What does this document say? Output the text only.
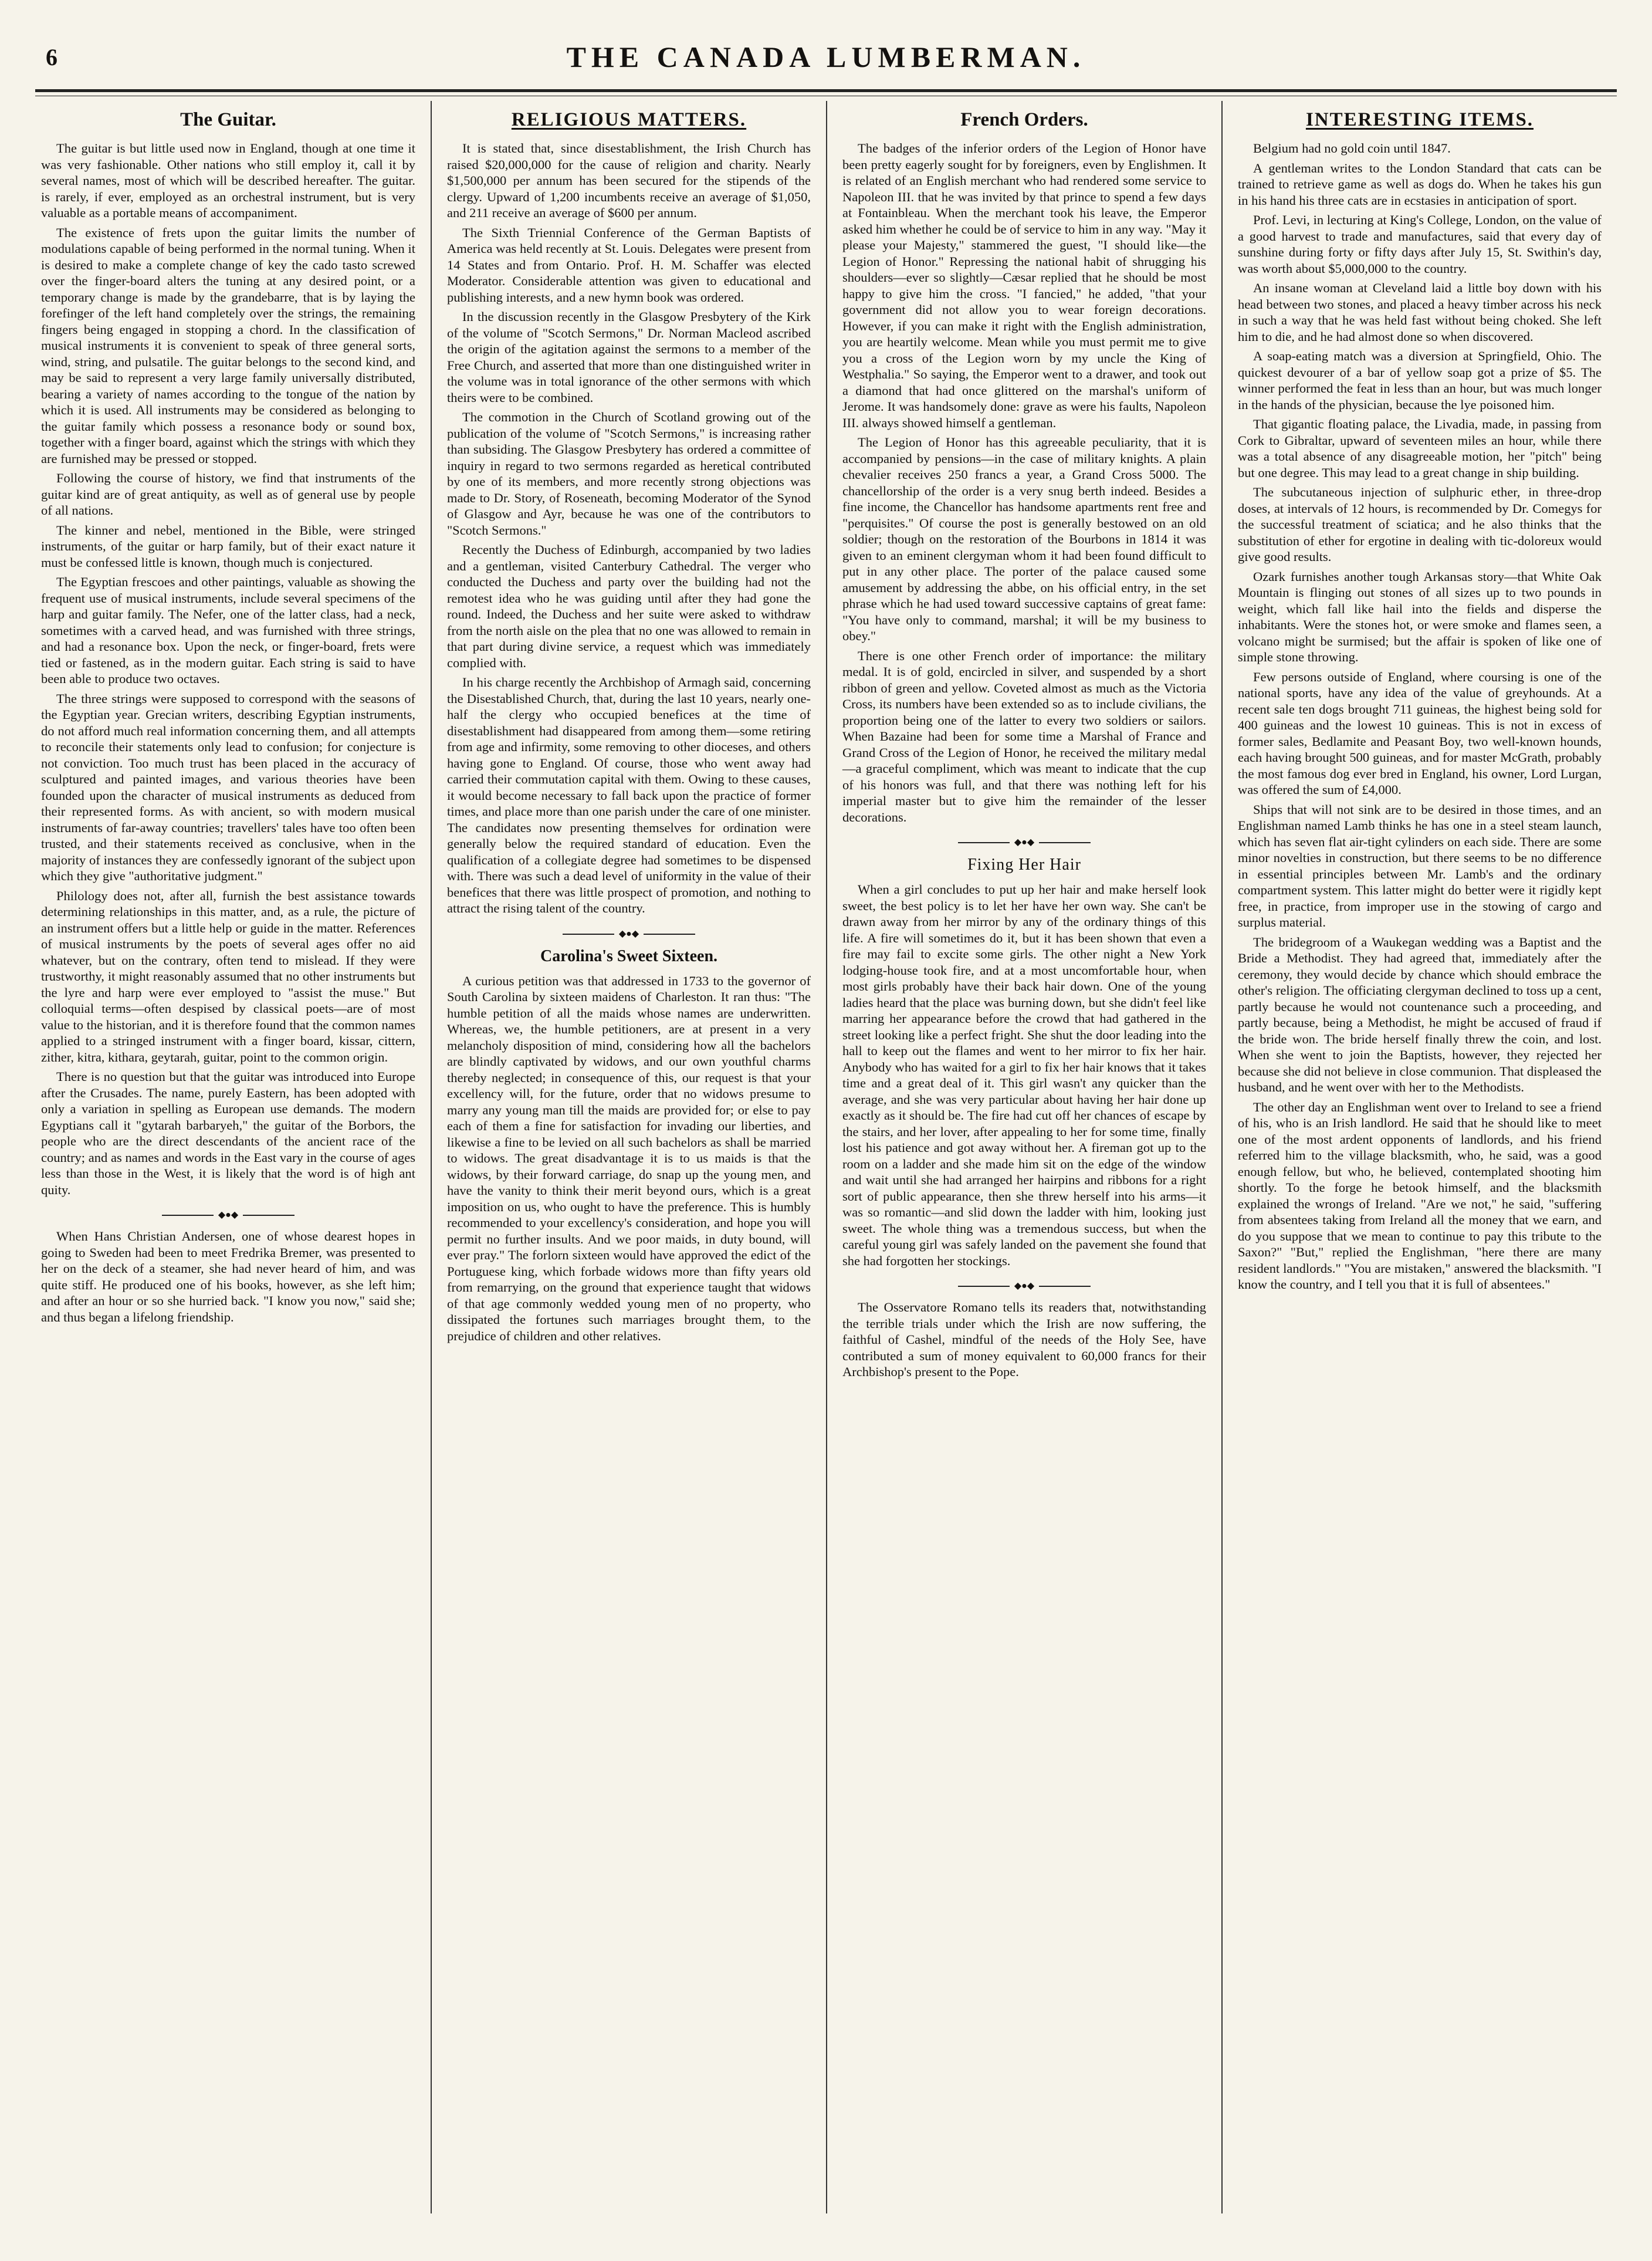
6	THE CANADA LUMBERMAN.
The Guitar.

The guitar is but little used now in England, though at one time it was very fashionable. Other nations who still employ it, call it by several names, most of which will be described hereafter. The guitar. is rarely, if ever, employed as an orchestral instrument, but is very valuable as a portable means of accompaniment.

The existence of frets upon the guitar limits the number of modulations capable of being performed in the normal tuning. When it is desired to make a complete change of key the cado tasto screwed over the finger-board alters the tuning at any desired point, or a temporary change is made by the grandebarre, that is by laying the forefinger of the left hand completely over the strings, the remaining fingers being engaged in stopping a chord. In the classification of musical instruments it is convenient to speak of three general sorts, wind, string, and pulsatile. The guitar belongs to the second kind, and may be said to represent a very large family universally distributed, bearing a variety of names according to the tongue of the nation by which it is used. All instruments may be considered as belonging to the guitar family which possess a resonance body or sound box, together with a finger board, against which the strings with which they are furnished may be pressed or stopped.

Following the course of history, we find that instruments of the guitar kind are of great antiquity, as well as of general use by people of all nations.

The kinner and nebel, mentioned in the Bible, were stringed instruments, of the guitar or harp family, but of their exact nature it must be confessed little is known, though much is conjectured.

The Egyptian frescoes and other paintings, valuable as showing the frequent use of musical instruments, include several specimens of the harp and guitar family. The Nefer, one of the latter class, had a neck, sometimes with a carved head, and was furnished with three strings, and had a resonance box. Upon the neck, or finger-board, frets were tied or fastened, as in the modern guitar. Each string is said to have been able to produce two octaves.

The three strings were supposed to correspond with the seasons of the Egyptian year. Grecian writers, describing Egyptian instruments, do not afford much real information concerning them, and all attempts to reconcile their statements only lead to confusion; for conjecture is not conviction. Too much trust has been placed in the accuracy of sculptured and painted images, and various theories have been founded upon the character of musical instruments as deduced from their represented forms. As with ancient, so with modern musical instruments of far-away countries; travellers' tales have too often been trusted, and their statements received as conclusive, when in the majority of instances they are confessedly ignorant of the subject upon which they give "authoritative judgment."

Philology does not, after all, furnish the best assistance towards determining relationships in this matter, and, as a rule, the picture of an instrument offers but a little help or guide in the matter. References of musical instruments by the poets of several ages offer no aid whatever, but on the contrary, often tend to mislead. If they were trustworthy, it might reasonably assumed that no other instruments but the lyre and harp were ever employed to "assist the muse." But colloquial terms—often despised by classical poets—are of most value to the historian, and it is therefore found that the common names applied to a stringed instrument with a finger board, kissar, cittern, zither, kitra, kithara, geytarah, guitar, point to the common origin.

There is no question but that the guitar was introduced into Europe after the Crusades. The name, purely Eastern, has been adopted with only a variation in spelling as European use demands. The modern Egyptians call it "gytarah barbaryeh," the guitar of the Borbors, the people who are the direct descendants of the ancient race of the country; and as names and words in the East vary in the course of ages less than those in the West, it is likely that the word is of high ant quity.

◆●◆

When Hans Christian Andersen, one of whose dearest hopes in going to Sweden had been to meet Fredrika Bremer, was presented to her on the deck of a steamer, she had never heard of him, and was quite stiff. He produced one of his books, however, as she left him; and after an hour or so she hurried back. "I know you now," said she; and thus began a lifelong friendship.

RELIGIOUS MATTERS.

It is stated that, since disestablishment, the Irish Church has raised $20,000,000 for the cause of religion and charity. Nearly $1,500,000 per annum has been secured for the stipends of the clergy. Upward of 1,200 incumbents receive an average of $1,050, and 211 receive an average of $600 per annum.

The Sixth Triennial Conference of the German Baptists of America was held recently at St. Louis. Delegates were present from 14 States and from Ontario. Prof. H. M. Schaffer was elected Moderator. Considerable attention was given to educational and publishing interests, and a new hymn book was ordered.

In the discussion recently in the Glasgow Presbytery of the Kirk of the volume of "Scotch Sermons," Dr. Norman Macleod ascribed the origin of the agitation against the sermons to a member of the Free Church, and asserted that more than one distinguished writer in the volume was in total ignorance of the other sermons with which theirs were to be combined.

The commotion in the Church of Scotland growing out of the publication of the volume of "Scotch Sermons," is increasing rather than subsiding. The Glasgow Presbytery has ordered a committee of inquiry in regard to two sermons regarded as heretical contributed by one of its members, and more recently strong objections was made to Dr. Story, of Roseneath, becoming Moderator of the Synod of Glasgow and Ayr, because he was one of the contributors to "Scotch Sermons."

Recently the Duchess of Edinburgh, accompanied by two ladies and a gentleman, visited Canterbury Cathedral. The verger who conducted the Duchess and party over the building had not the remotest idea who he was guiding until after they had gone the round. Indeed, the Duchess and her suite were asked to withdraw from the north aisle on the plea that no one was allowed to remain in that part during divine service, a request which was immediately complied with.

In his charge recently the Archbishop of Armagh said, concerning the Disestablished Church, that, during the last 10 years, nearly one-half the clergy who occupied benefices at the time of disestablishment had disappeared from among them—some retiring from age and infirmity, some removing to other dioceses, and others having gone to England. Of course, those who went away had carried their commutation capital with them. Owing to these causes, it would become necessary to fall back upon the practice of former times, and place more than one parish under the care of one minister. The candidates now presenting themselves for ordination were generally below the required standard of education. Even the qualification of a collegiate degree had sometimes to be dispensed with. There was such a dead level of uniformity in the value of their benefices that there was little prospect of promotion, and nothing to attract the rising talent of the country.

◆●◆
Carolina's Sweet Sixteen.

A curious petition was that addressed in 1733 to the governor of South Carolina by sixteen maidens of Charleston. It ran thus: "The humble petition of all the maids whose names are underwritten. Whereas, we, the humble petitioners, are at present in a very melancholy disposition of mind, considering how all the bachelors are blindly captivated by widows, and our own youthful charms thereby neglected; in consequence of this, our request is that your excellency will, for the future, order that no widows presume to marry any young man till the maids are provided for; or else to pay each of them a fine for satisfaction for invading our liberties, and likewise a fine to be levied on all such bachelors as shall be married to widows. The great disadvantage it is to us maids is that the widows, by their forward carriage, do snap up the young men, and have the vanity to think their merit beyond ours, which is a great imposition on us, who ought to have the preference. This is humbly recommended to your excellency's consideration, and hope you will permit no further insults. And we poor maids, in duty bound, will ever pray." The forlorn sixteen would have approved the edict of the Portuguese king, which forbade widows more than fifty years old from remarrying, on the ground that experience taught that widows of that age commonly wedded young men of no property, who dissipated the fortunes such marriages brought them, to the prejudice of children and other relatives.

French Orders.

The badges of the inferior orders of the Legion of Honor have been pretty eagerly sought for by foreigners, even by Englishmen. It is related of an English merchant who had rendered some service to Napoleon III. that he was invited by that prince to spend a few days at Fontainbleau. When the merchant took his leave, the Emperor asked him whether he could be of service to him in any way. "May it please your Majesty," stammered the guest, "I should like—the Legion of Honor." Repressing the national habit of shrugging his shoulders—ever so slightly—Cæsar replied that he should be most happy to give him the cross. "I fancied," he added, "that your government did not allow you to wear foreign decorations. However, if you can make it right with the English administration, you are heartily welcome. Mean while you must permit me to give you a cross of the Legion worn by my uncle the King of Westphalia." So saying, the Emperor went to a drawer, and took out a diamond that had once glittered on the marshal's uniform of Jerome. It was handsomely done: grave as were his faults, Napoleon III. always showed himself a gentleman.

The Legion of Honor has this agreeable peculiarity, that it is accompanied by pensions—in the case of military knights. A plain chevalier receives 250 francs a year, a Grand Cross 5000. The chancellorship of the order is a very snug berth indeed. Besides a fine income, the Chancellor has handsome apartments rent free and "perquisites." Of course the post is generally bestowed on an old soldier; though on the restoration of the Bourbons in 1814 it was given to an eminent clergyman whom it had been found difficult to put in any other place. The porter of the palace caused some amusement by addressing the abbe, on his official entry, in the set phrase which he had used toward successive captains of great fame: "You have only to command, marshal; it will be my business to obey."

There is one other French order of importance: the military medal. It is of gold, encircled in silver, and suspended by a short ribbon of green and yellow. Coveted almost as much as the Victoria Cross, its numbers have been extended so as to include civilians, the proportion being one of the latter to every two soldiers or sailors. When Bazaine had been for some time a Marshal of France and Grand Cross of the Legion of Honor, he received the military medal—a graceful compliment, which was meant to indicate that the cup of his honors was full, and that there was nothing left for his imperial master but to give him the remainder of the lesser decorations.

◆●◆
Fixing Her Hair

When a girl concludes to put up her hair and make herself look sweet, the best policy is to let her have her own way. She can't be drawn away from her mirror by any of the ordinary things of this life. A fire will sometimes do it, but it has been shown that even a fire may fail to excite some girls. The other night a New York lodging-house took fire, and at a most uncomfortable hour, when most girls probably have their back hair down. One of the young ladies heard that the place was burning down, but she didn't feel like marring her appearance before the crowd that had gathered in the street looking like a perfect fright. She shut the door leading into the hall to keep out the flames and went to her mirror to fix her hair. Anybody who has waited for a girl to fix her hair knows that it takes time and a great deal of it. This girl wasn't any quicker than the average, and she was very particular about having her hair done up exactly as it should be. The fire had cut off her chances of escape by the stairs, and her lover, after appealing to her for some time, finally lost his patience and got away without her. A fireman got up to the room on a ladder and she made him sit on the edge of the window and wait until she had arranged her hairpins and ribbons for a right sort of public appearance, then she threw herself into his arms—it was so romantic—and slid down the ladder with him, looking just sweet. The whole thing was a tremendous success, but when the careful young girl was safely landed on the pavement she found that she had forgotten her stockings.

◆●◆

The Osservatore Romano tells its readers that, notwithstanding the terrible trials under which the Irish are now suffering, the faithful of Cashel, mindful of the needs of the Holy See, have contributed a sum of money equivalent to 60,000 francs for their Archbishop's present to the Pope.

INTERESTING ITEMS.

Belgium had no gold coin until 1847.

A gentleman writes to the London Standard that cats can be trained to retrieve game as well as dogs do. When he takes his gun in his hand his three cats are in ecstasies in anticipation of sport.

Prof. Levi, in lecturing at King's College, London, on the value of a good harvest to trade and manufactures, said that every day of sunshine during forty or fifty days after July 15, St. Swithin's day, was worth about $5,000,000 to the country.

An insane woman at Cleveland laid a little boy down with his head between two stones, and placed a heavy timber across his neck in such a way that he was held fast without being choked. She left him to die, and he had almost done so when discovered.

A soap-eating match was a diversion at Springfield, Ohio. The quickest devourer of a bar of yellow soap got a prize of $5. The winner performed the feat in less than an hour, but was much longer in the hands of the physician, because the lye poisoned him.

That gigantic floating palace, the Livadia, made, in passing from Cork to Gibraltar, upward of seventeen miles an hour, while there was a total absence of any disagreeable motion, her "pitch" being but one degree. This may lead to a great change in ship building.

The subcutaneous injection of sulphuric ether, in three-drop doses, at intervals of 12 hours, is recommended by Dr. Comegys for the successful treatment of sciatica; and he also thinks that the substitution of ether for ergotine in dealing with tic-doloreux would give good results.

Ozark furnishes another tough Arkansas story—that White Oak Mountain is flinging out stones of all sizes up to two pounds in weight, which fall like hail into the fields and disperse the inhabitants. Were the stones hot, or were smoke and flames seen, a volcano might be surmised; but the affair is spoken of like one of simple stone throwing.

Few persons outside of England, where coursing is one of the national sports, have any idea of the value of greyhounds. At a recent sale ten dogs brought 711 guineas, the highest being sold for 400 guineas and the lowest 10 guineas. This is not in excess of former sales, Bedlamite and Peasant Boy, two well-known hounds, each having brought 500 guineas, and for master McGrath, probably the most famous dog ever bred in England, his owner, Lord Lurgan, was offered the sum of £4,000.

Ships that will not sink are to be desired in those times, and an Englishman named Lamb thinks he has one in a steel steam launch, which has seven flat air-tight cylinders on each side. There are some minor novelties in construction, but there seems to be no difference in essential principles between Mr. Lamb's and the ordinary compartment system. This latter might do better were it rigidly kept free, in practice, from improper use in the stowing of cargo and surplus material.

The bridegroom of a Waukegan wedding was a Baptist and the Bride a Methodist. They had agreed that, immediately after the ceremony, they would decide by chance which should embrace the other's religion. The officiating clergyman declined to toss up a cent, partly because he would not countenance such a proceeding, and partly because, being a Methodist, he might be accused of fraud if the bride won. The bride herself finally threw the coin, and lost. When she went to join the Baptists, however, they rejected her because she did not believe in close communion. That displeased the husband, and he went over with her to the Methodists.

The other day an Englishman went over to Ireland to see a friend of his, who is an Irish landlord. He said that he should like to meet one of the most ardent opponents of landlords, and his friend referred him to the village blacksmith, who, he said, was a good enough fellow, but who, he believed, contemplated shooting him shortly. To the forge he betook himself, and the blacksmith explained the wrongs of Ireland. "Are we not," he said, "suffering from absentees taking from Ireland all the money that we earn, and do you suppose that we mean to continue to pay this tribute to the Saxon?" "But," replied the Englishman, "here there are many resident landlords." "You are mistaken," answered the blacksmith. "I know the country, and I tell you that it is full of absentees."
